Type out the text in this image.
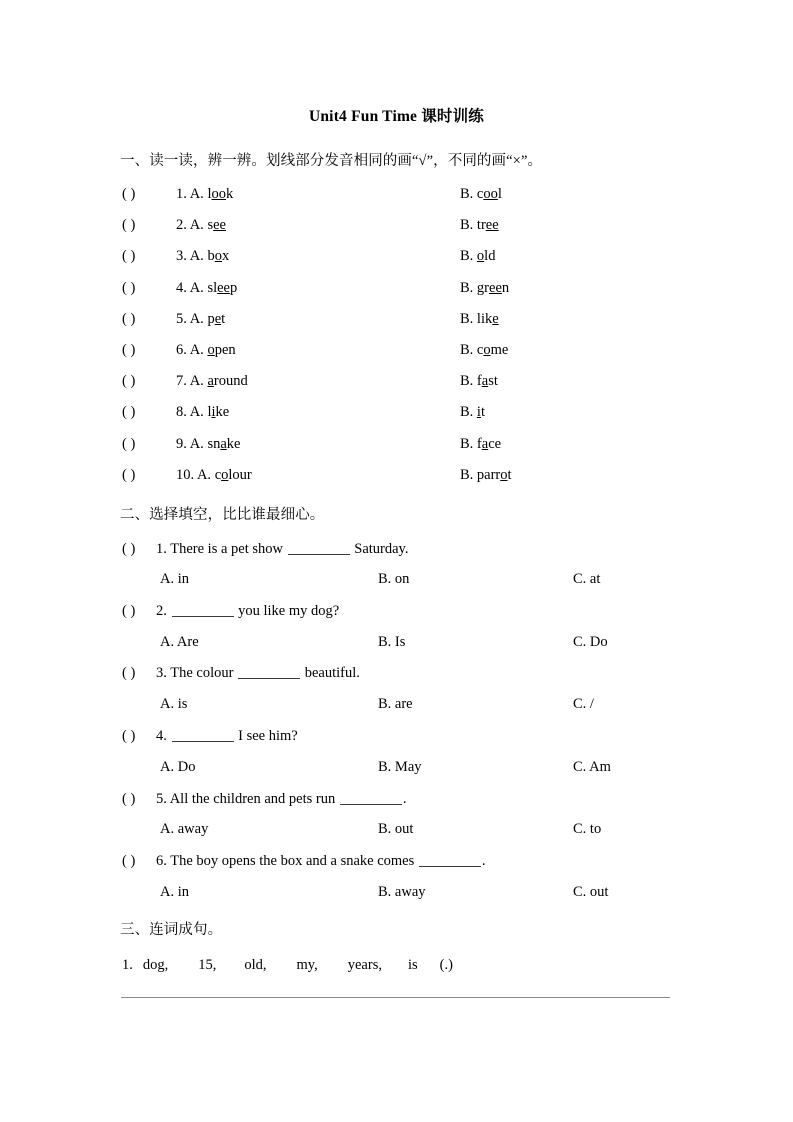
Unit4 Fun Time 课时训练
一、读一读，辨一辨。划线部分发音相同的画“√”，不同的画“×”。
( )	1. A. look	B. cool
( )	2. A. see	B. tree
( )	3. A. box	B. old
( )	4. A. sleep	B. green
( )	5. A. pet	B. like
( )	6. A. open	B. come
( )	7. A. around	B. fast
( )	8. A. like	B. it
( )	9. A. snake	B. face
( )	10. A. colour	B. parrot
二、选择填空，比比谁最细心。
( ) 1. There is a pet show	Saturday.
A. in	B. on	C. at
( ) 2.	you like my dog?
A. Are	B. Is	C. Do
( ) 3. The colour	beautiful.
A. is	B. are	C. /
( ) 4.	I see him?
A. Do	B. May	C. Am
( ) 5. All the children and pets run	.
A. away	B. out	C. to
( ) 6. The boy opens the box and a snake comes	.
A. in	B. away	C. out
三、连词成句。
1. dog, 15, old, my, years, is (.)
